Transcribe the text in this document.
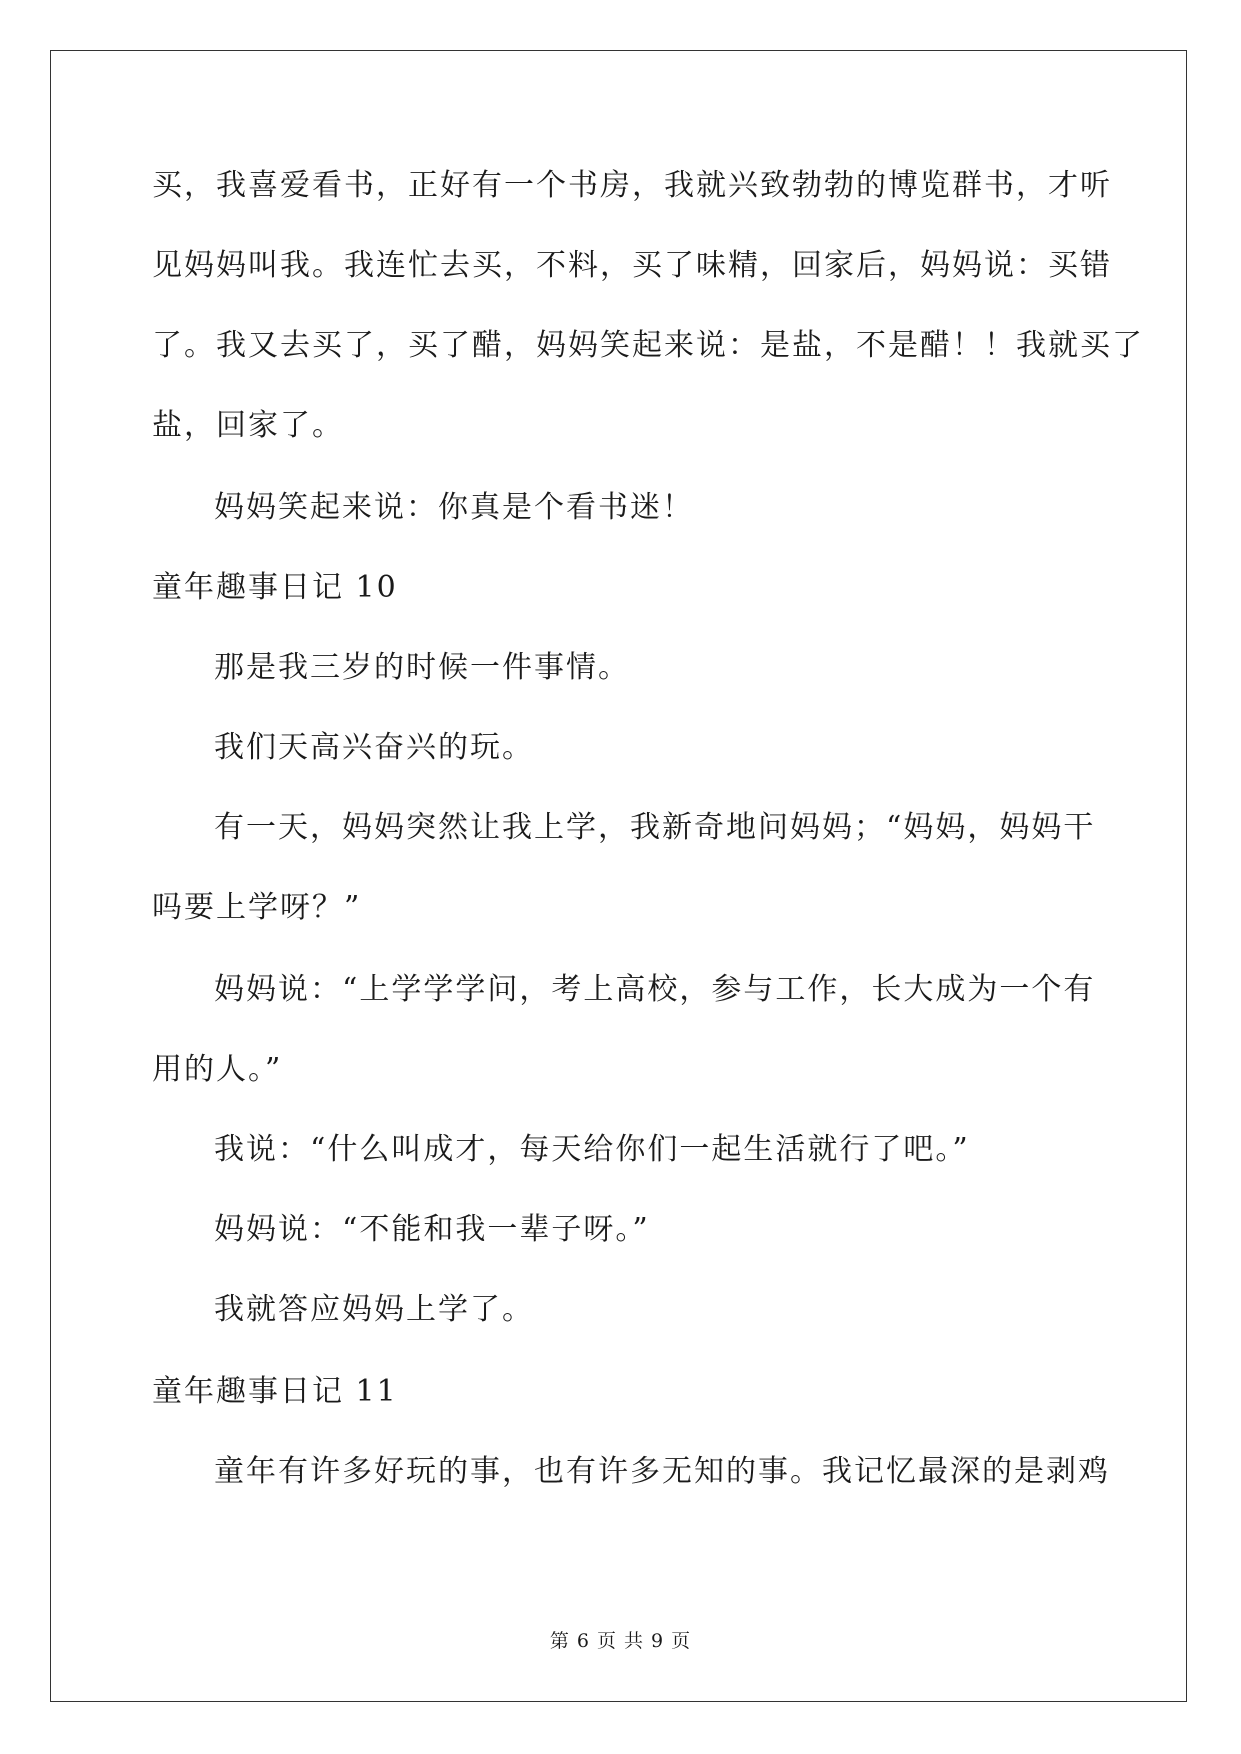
买，我喜爱看书，正好有一个书房，我就兴致勃勃的博览群书，才听
见妈妈叫我。我连忙去买，不料，买了味精，回家后，妈妈说：买错
了。我又去买了，买了醋，妈妈笑起来说：是盐，不是醋！！我就买了
盐，回家了。
妈妈笑起来说：你真是个看书迷！
童年趣事日记 10
那是我三岁的时候一件事情。
我们天高兴奋兴的玩。
有一天，妈妈突然让我上学，我新奇地问妈妈；“妈妈，妈妈干
吗要上学呀？”
妈妈说：“上学学学问，考上高校，参与工作，长大成为一个有
用的人。”
我说：“什么叫成才，每天给你们一起生活就行了吧。”
妈妈说：“不能和我一辈子呀。”
我就答应妈妈上学了。
童年趣事日记 11
童年有许多好玩的事，也有许多无知的事。我记忆最深的是剥鸡
第 6 页 共 9 页
